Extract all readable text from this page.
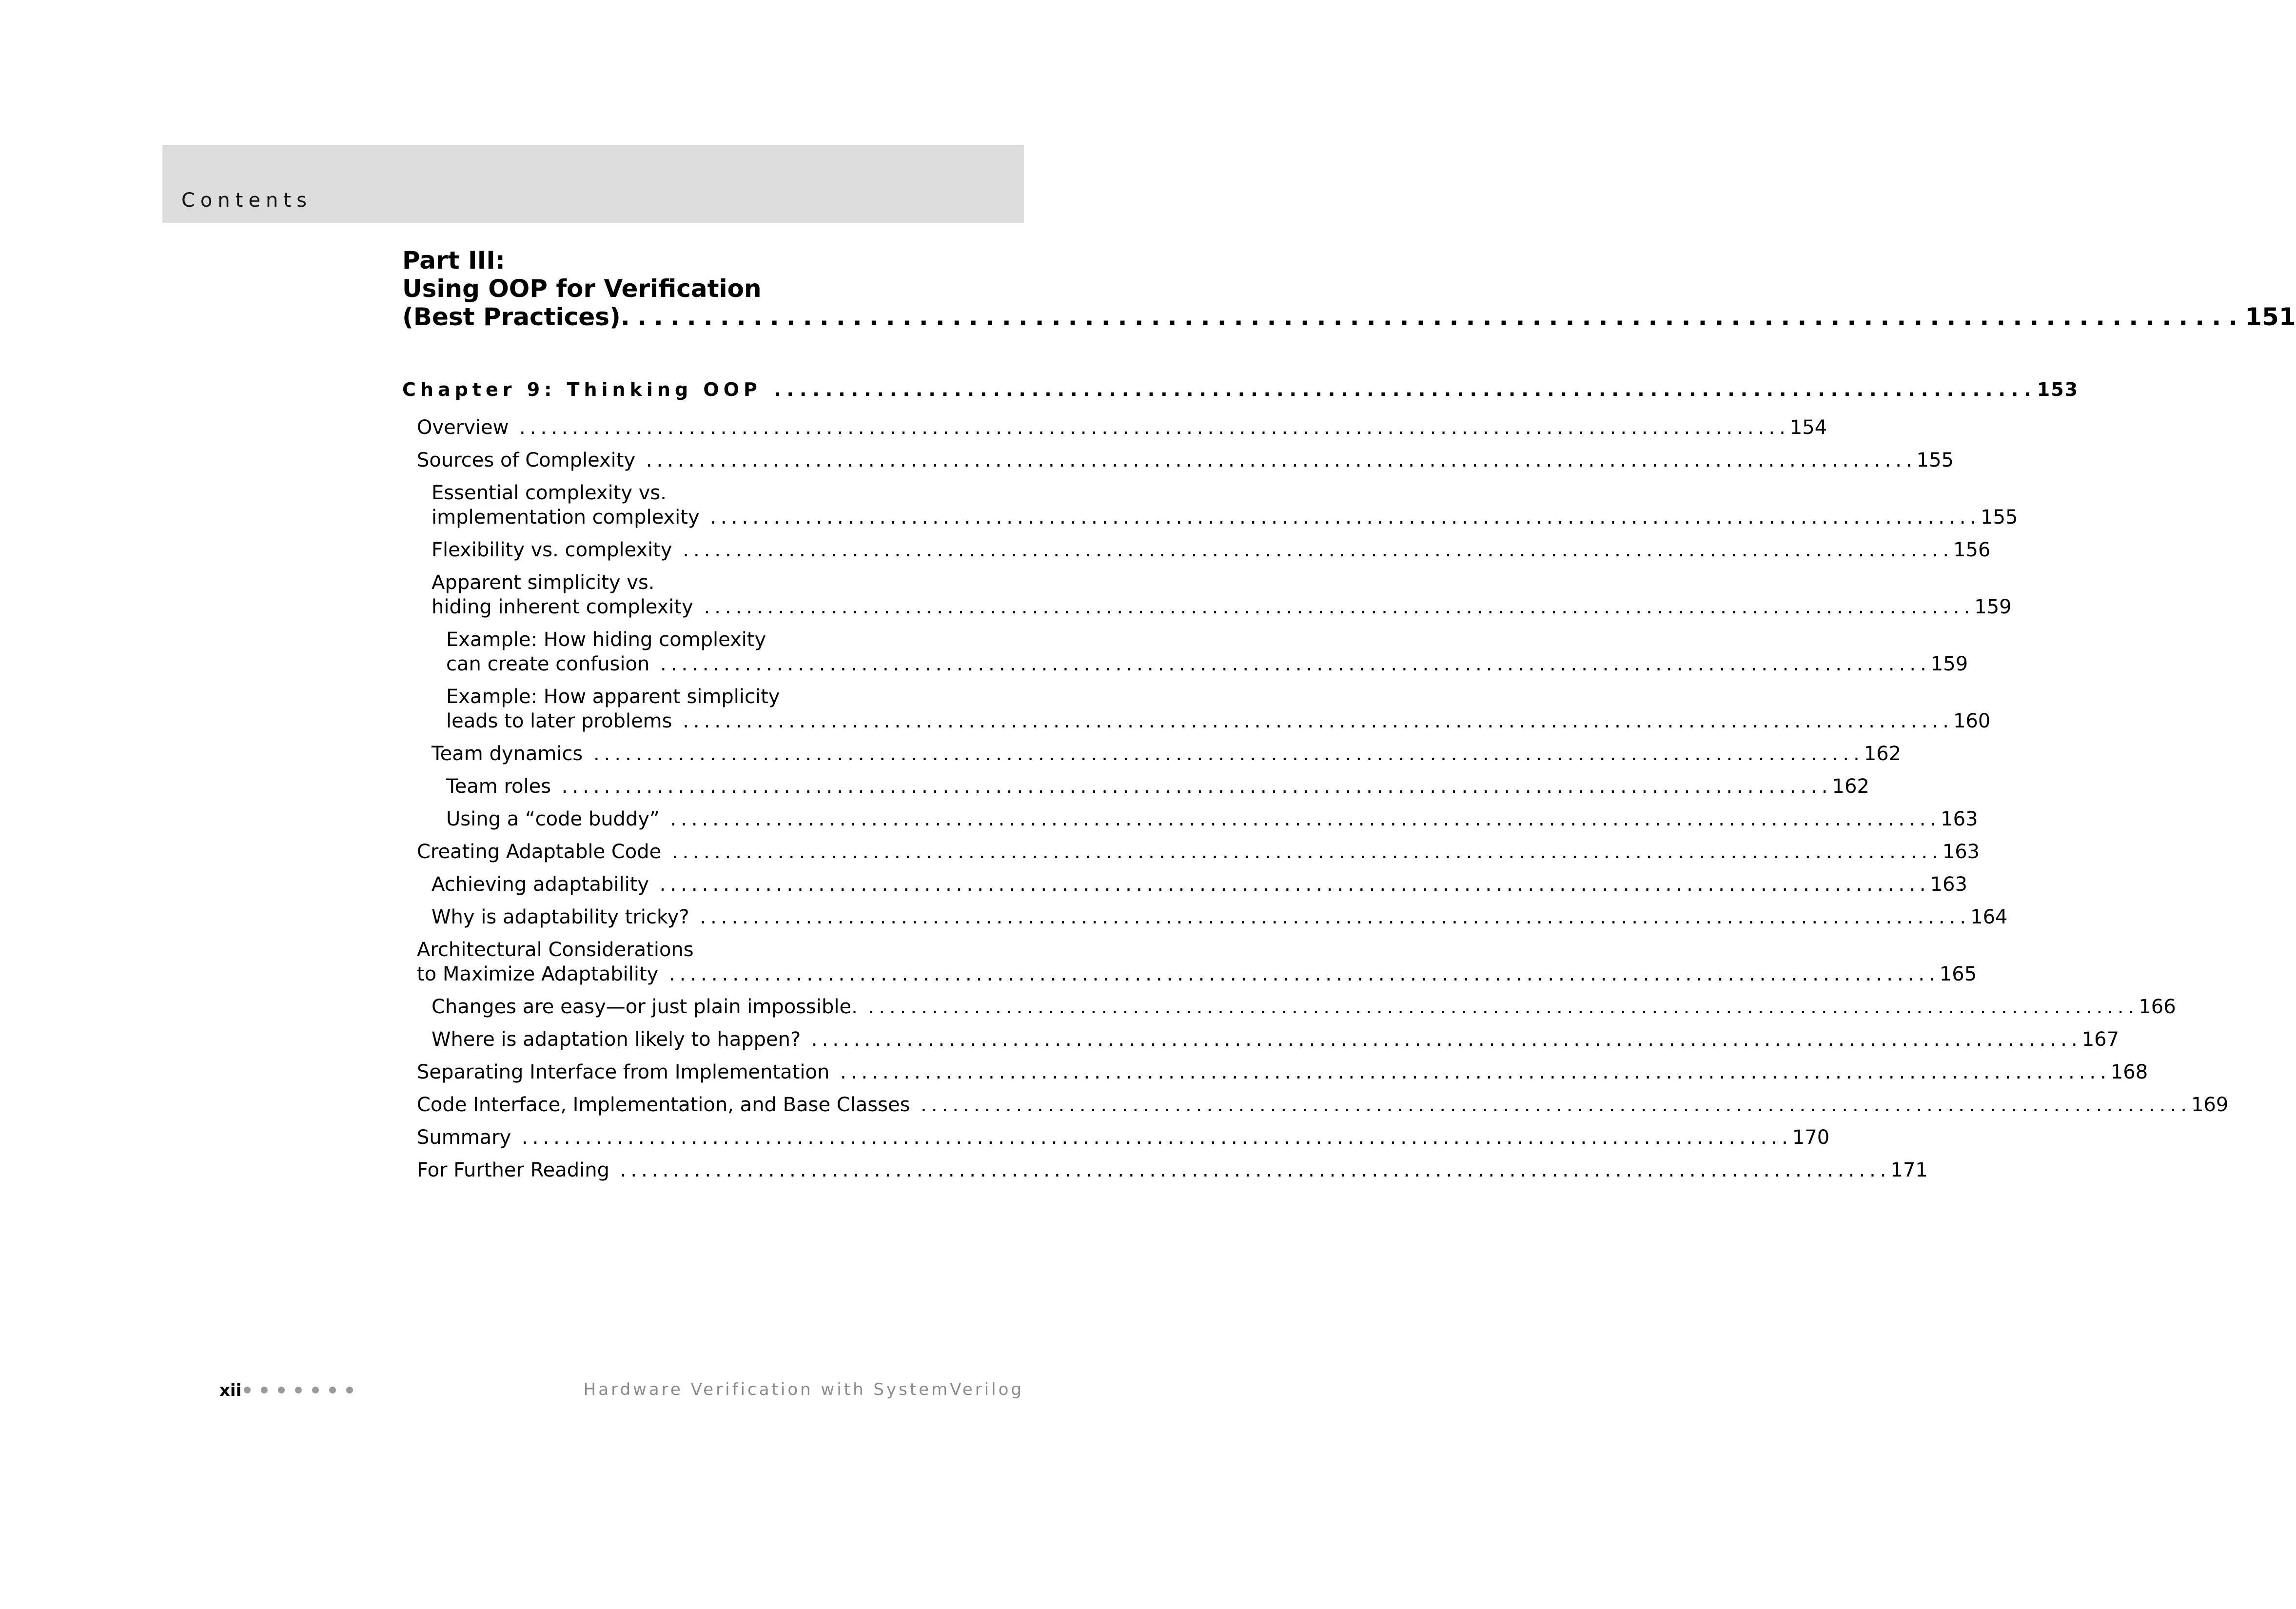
Contents
Part III:
Using OOP for Verification
(Best Practices) .................................................................................................. 151
Chapter 9: Thinking OOP .................................................................................................. 153
Overview ........................................................................................................................ 154
Sources of Complexity ........................................................................................................................ 155
Essential complexity vs.
implementation complexity ........................................................................................................................ 155
Flexibility vs. complexity ........................................................................................................................ 156
Apparent simplicity vs.
hiding inherent complexity ........................................................................................................................ 159
Example: How hiding complexity
can create confusion ........................................................................................................................ 159
Example: How apparent simplicity
leads to later problems ........................................................................................................................ 160
Team dynamics ........................................................................................................................ 162
Team roles ........................................................................................................................ 162
Using a “code buddy” ........................................................................................................................ 163
Creating Adaptable Code ........................................................................................................................ 163
Achieving adaptability ........................................................................................................................ 163
Why is adaptability tricky? ........................................................................................................................ 164
Architectural Considerations
to Maximize Adaptability ........................................................................................................................ 165
Changes are easy—or just plain impossible. ........................................................................................................................ 166
Where is adaptation likely to happen? ........................................................................................................................ 167
Separating Interface from Implementation ........................................................................................................................ 168
Code Interface, Implementation, and Base Classes ........................................................................................................................ 169
Summary ........................................................................................................................ 170
For Further Reading ........................................................................................................................ 171
xii	Hardware Verification with SystemVerilog
